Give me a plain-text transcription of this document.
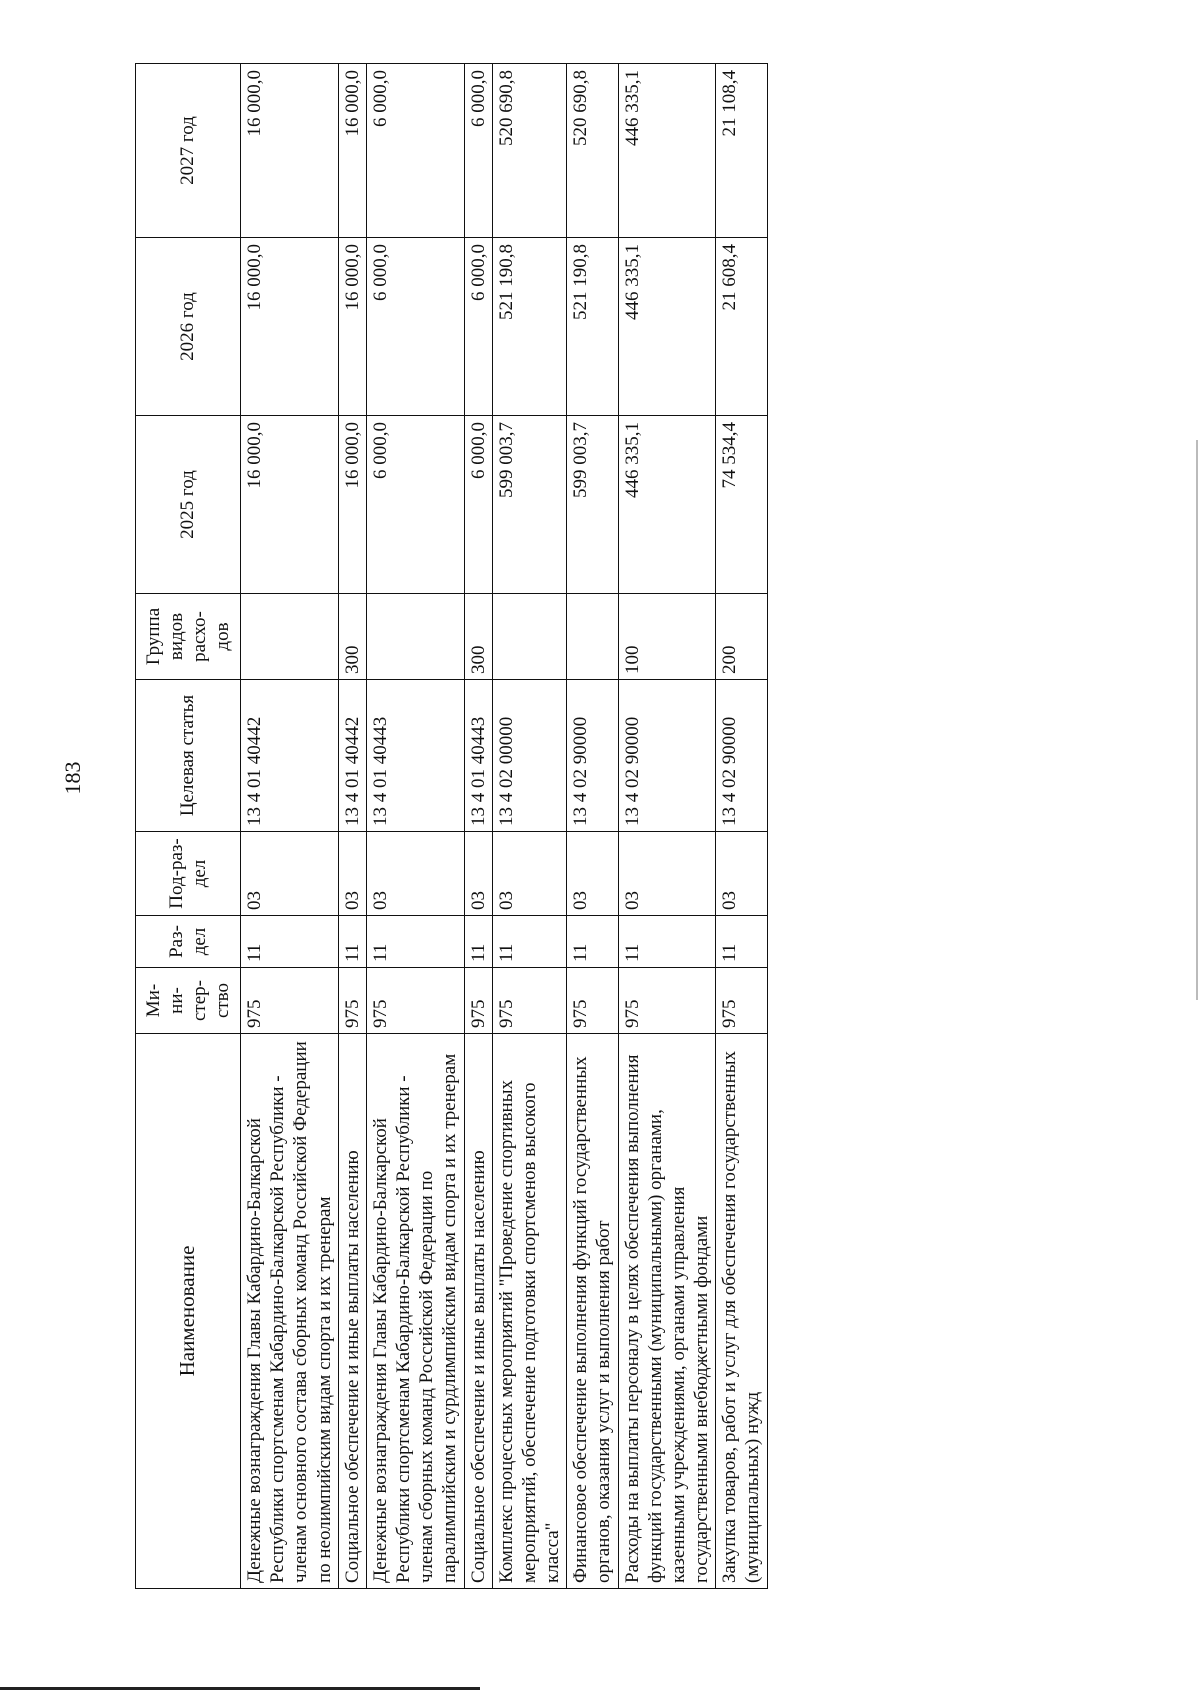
183
Наименование	Ми-ни-стер-ство	Раз-дел	Под-раз-дел	Целевая статья	Группа видов расхо-дов	2025 год	2026 год	2027 год
Денежные вознаграждения Главы Кабардино-Балкарской Республики спортсменам Кабардино-Балкарской Республики - членам основного состава сборных команд Российской Федерации по неолимпийским видам спорта и их тренерам	975	11	03	13 4 01 40442		16 000,0	16 000,0	16 000,0
Социальное обеспечение и иные выплаты населению	975	11	03	13 4 01 40442	300	16 000,0	16 000,0	16 000,0
Денежные вознаграждения Главы Кабардино-Балкарской Республики спортсменам Кабардино-Балкарской Республики - членам сборных команд Российской Федерации по паралимпийским и сурдлимпийским видам спорта и их тренерам	975	11	03	13 4 01 40443		6 000,0	6 000,0	6 000,0
Социальное обеспечение и иные выплаты населению	975	11	03	13 4 01 40443	300	6 000,0	6 000,0	6 000,0
Комплекс процессных мероприятий "Проведение спортивных мероприятий, обеспечение подготовки спортсменов высокого класса"	975	11	03	13 4 02 00000		599 003,7	521 190,8	520 690,8
Финансовое обеспечение выполнения функций государственных органов, оказания услуг и выполнения работ	975	11	03	13 4 02 90000		599 003,7	521 190,8	520 690,8
Расходы на выплаты персоналу в целях обеспечения выполнения функций государственными (муниципальными) органами, казенными учреждениями, органами управления государственными внебюджетными фондами	975	11	03	13 4 02 90000	100	446 335,1	446 335,1	446 335,1
Закупка товаров, работ и услуг для обеспечения государственных (муниципальных) нужд	975	11	03	13 4 02 90000	200	74 534,4	21 608,4	21 108,4
